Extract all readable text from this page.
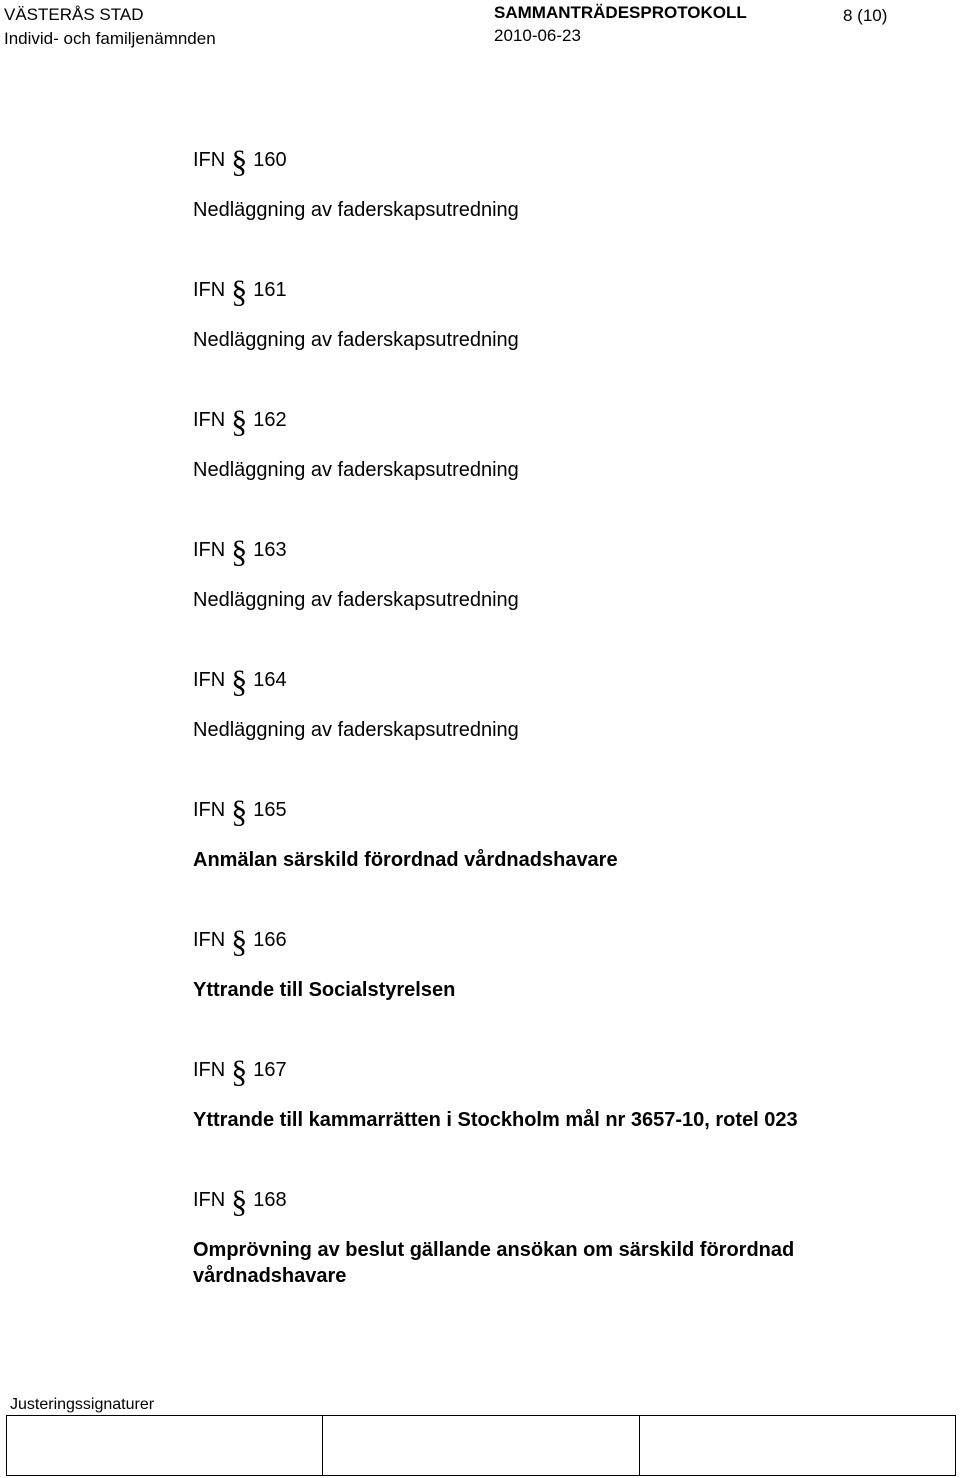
VÄSTERÅS STAD
Individ- och familjenämnden
SAMMANTRÄDESPROTOKOLL
2010-06-23
8 (10)
IFN § 160
Nedläggning av faderskapsutredning
IFN § 161
Nedläggning av faderskapsutredning
IFN § 162
Nedläggning av faderskapsutredning
IFN § 163
Nedläggning av faderskapsutredning
IFN § 164
Nedläggning av faderskapsutredning
IFN § 165
Anmälan särskild förordnad vårdnadshavare
IFN § 166
Yttrande till Socialstyrelsen
IFN § 167
Yttrande till kammarrätten i Stockholm mål nr 3657-10, rotel 023
IFN § 168
Omprövning av beslut gällande ansökan om särskild förordnad vårdnadshavare
Justeringssignaturer
